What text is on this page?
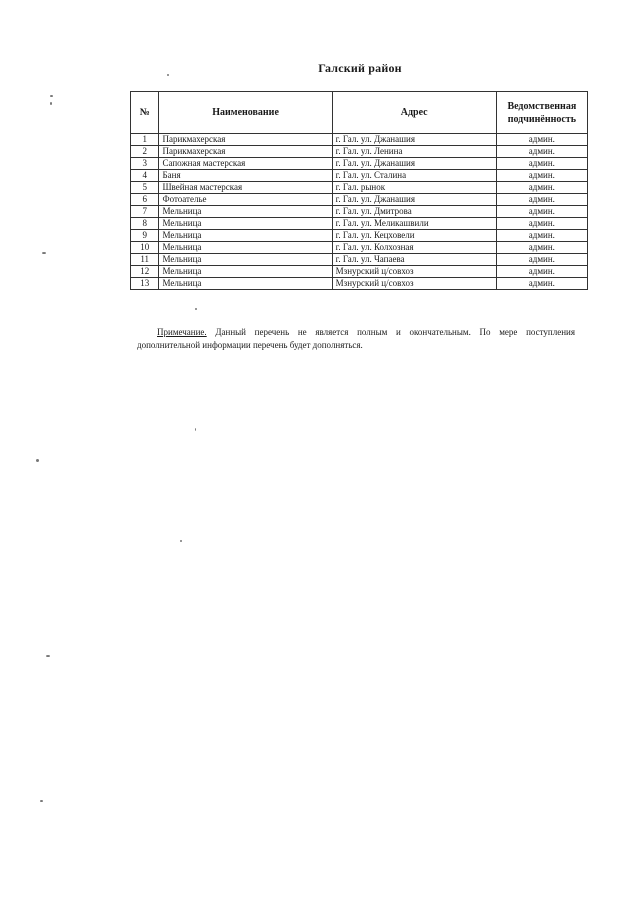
Галский район
№	Наименование	Адрес	Ведомственная подчинённость
1	Парикмахерская	г. Гал. ул. Джанашия	админ.
2	Парикмахерская	г. Гал. ул. Ленина	админ.
3	Сапожная мастерская	г. Гал. ул. Джанашия	админ.
4	Баня	г. Гал. ул. Сталина	админ.
5	Швейная мастерская	г. Гал. рынок	админ.
6	Фотоателье	г. Гал. ул. Джанашия	админ.
7	Мельница	г. Гал. ул. Дмитрова	админ.
8	Мельница	г. Гал. ул. Меликашвили	админ.
9	Мельница	г. Гал. ул. Кецховели	админ.
10	Мельница	г. Гал. ул. Колхозная	админ.
11	Мельница	г. Гал. ул. Чапаева	админ.
12	Мельница	Мзнурский ц/совхоз	админ.
13	Мельница	Мзнурский ц/совхоз	админ.
Примечание. Данный перечень не является полным и окончательным. По мере поступления дополнительной информации перечень будет дополняться.
